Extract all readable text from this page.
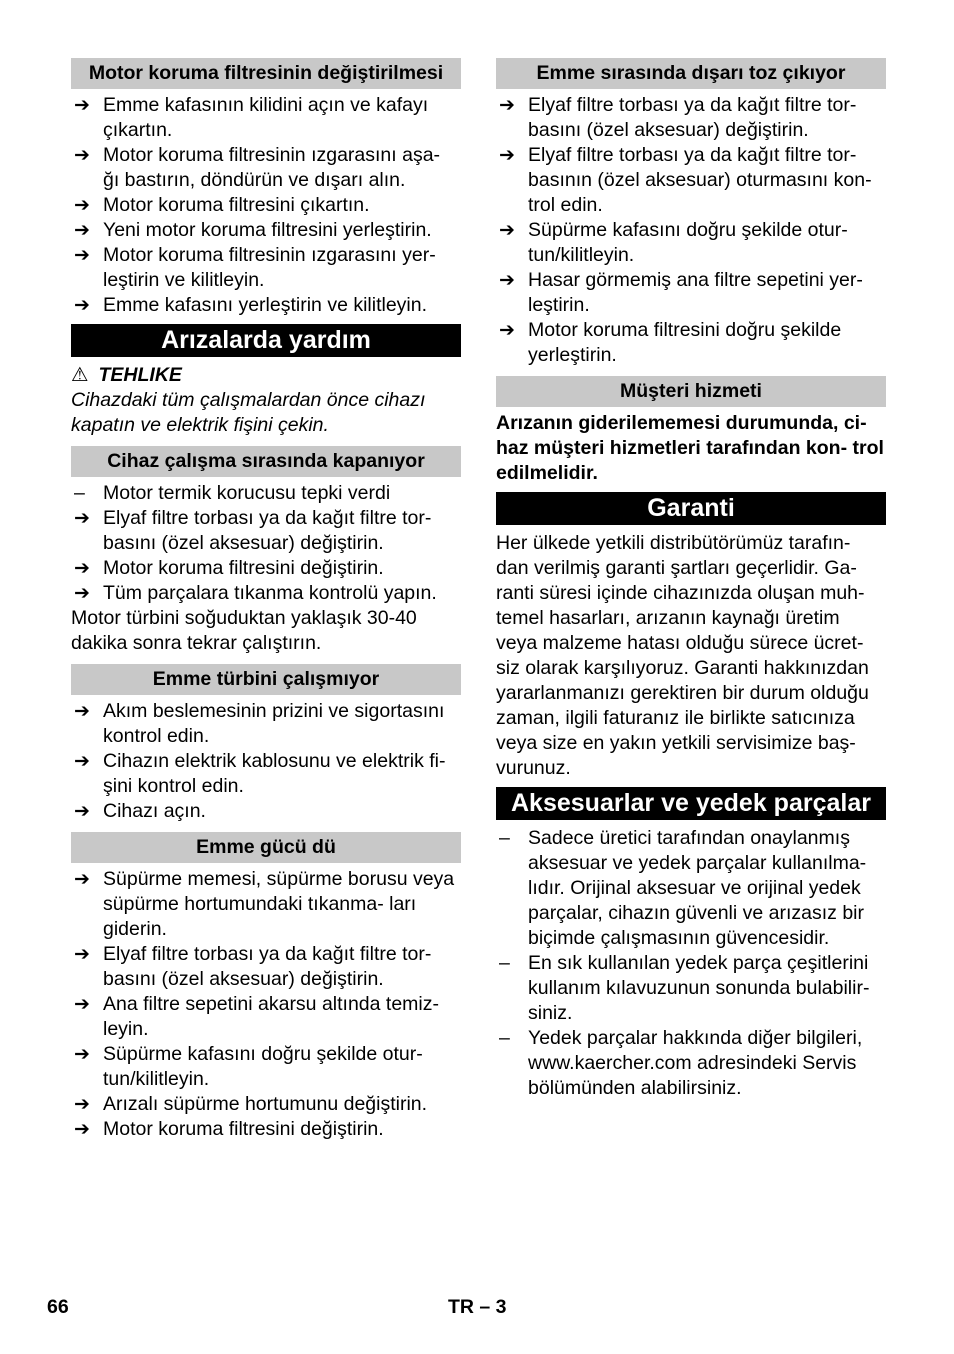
Motor koruma filtresinin değiştirilmesi
➔ Emme kafasının kilidini açın ve kafayı çıkartın.
➔ Motor koruma filtresinin ızgarasını aşa- ğı bastırın, döndürün ve dışarı alın.
➔ Motor koruma filtresini çıkartın.
➔ Yeni motor koruma filtresini yerleştirin.
➔ Motor koruma filtresinin ızgarasını yer- leştirin ve kilitleyin.
➔ Emme kafasını yerleştirin ve kilitleyin.
Arızalarda yardım
⚠ TEHLIKE
Cihazdaki tüm çalışmalardan önce cihazı kapatın ve elektrik fişini çekin.
Cihaz çalışma sırasında kapanıyor
– Motor termik korucusu tepki verdi
➔ Elyaf filtre torbası ya da kağıt filtre tor- basını (özel aksesuar) değiştirin.
➔ Motor koruma filtresini değiştirin.
➔ Tüm parçalara tıkanma kontrolü yapın.
Motor türbini soğuduktan yaklaşık 30-40 dakika sonra tekrar çalıştırın.
Emme türbini çalışmıyor
➔ Akım beslemesinin prizini ve sigortasını kontrol edin.
➔ Cihazın elektrik kablosunu ve elektrik fi- şini kontrol edin.
➔ Cihazı açın.
Emme gücü dü
➔ Süpürme memesi, süpürme borusu veya süpürme hortumundaki tıkanma- ları giderin.
➔ Elyaf filtre torbası ya da kağıt filtre tor- basını (özel aksesuar) değiştirin.
➔ Ana filtre sepetini akarsu altında temiz- leyin.
➔ Süpürme kafasını doğru şekilde otur- tun/kilitleyin.
➔ Arızalı süpürme hortumunu değiştirin.
➔ Motor koruma filtresini değiştirin.
Emme sırasında dışarı toz çıkıyor
➔ Elyaf filtre torbası ya da kağıt filtre tor- basını (özel aksesuar) değiştirin.
➔ Elyaf filtre torbası ya da kağıt filtre tor- basının (özel aksesuar) oturmasını kon- trol edin.
➔ Süpürme kafasını doğru şekilde otur- tun/kilitleyin.
➔ Hasar görmemiş ana filtre sepetini yer- leştirin.
➔ Motor koruma filtresini doğru şekilde yerleştirin.
Müşteri hizmeti
Arızanın giderilememesi durumunda, ci- haz müşteri hizmetleri tarafından kon- trol edilmelidir.
Garanti
Her ülkede yetkili distribütörümüz tarafın- dan verilmiş garanti şartları geçerlidir. Ga- ranti süresi içinde cihazınızda oluşan muh- temel hasarları, arızanın kaynağı üretim veya malzeme hatası olduğu sürece ücret- siz olarak karşılıyoruz. Garanti hakkınızdan yararlanmanızı gerektiren bir durum olduğu zaman, ilgili faturanız ile birlikte satıcınıza veya size en yakın yetkili servisimize baş- vurunuz.
Aksesuarlar ve yedek parçalar
– Sadece üretici tarafından onaylanmış aksesuar ve yedek parçalar kullanılma- lıdır. Orijinal aksesuar ve orijinal yedek parçalar, cihazın güvenli ve arızasız bir biçimde çalışmasının güvencesidir.
– En sık kullanılan yedek parça çeşitlerini kullanım kılavuzunun sonunda bulabilir- siniz.
– Yedek parçalar hakkında diğer bilgileri, www.kaercher.com adresindeki Servis bölümünden alabilirsiniz.
66	TR – 3
